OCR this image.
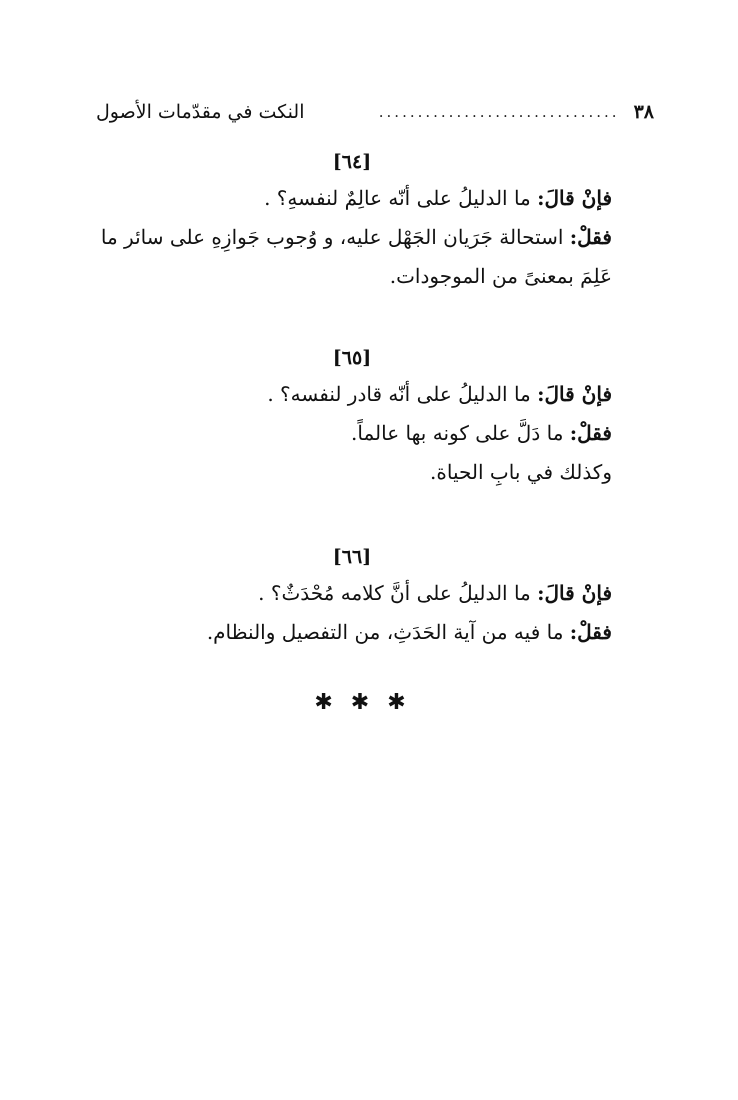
٣٨
...............................
النكت في مقدّمات الأصول
[٦٤]

فإنْ قالَ: ما الدليلُ على أنّه عالِمٌ لنفسهِ؟ .

فقلْ: استحالة جَرَيان الجَهْل عليه، و وُجوب جَوازِهِ على سائر ما عَلِمَ بمعنىً من الموجودات.

[٦٥]

فإنْ قالَ: ما الدليلُ على أنّه قادر لنفسه؟ .

فقلْ: ما دَلَّ على كونه بها عالماً.

وكذلك في بابِ الحياة.

[٦٦]

فإنْ قالَ: ما الدليلُ على أنَّ كلامه مُحْدَثٌ؟ .

فقلْ: ما فيه من آية الحَدَثِ، من التفصيل والنظام.

✱✱✱
